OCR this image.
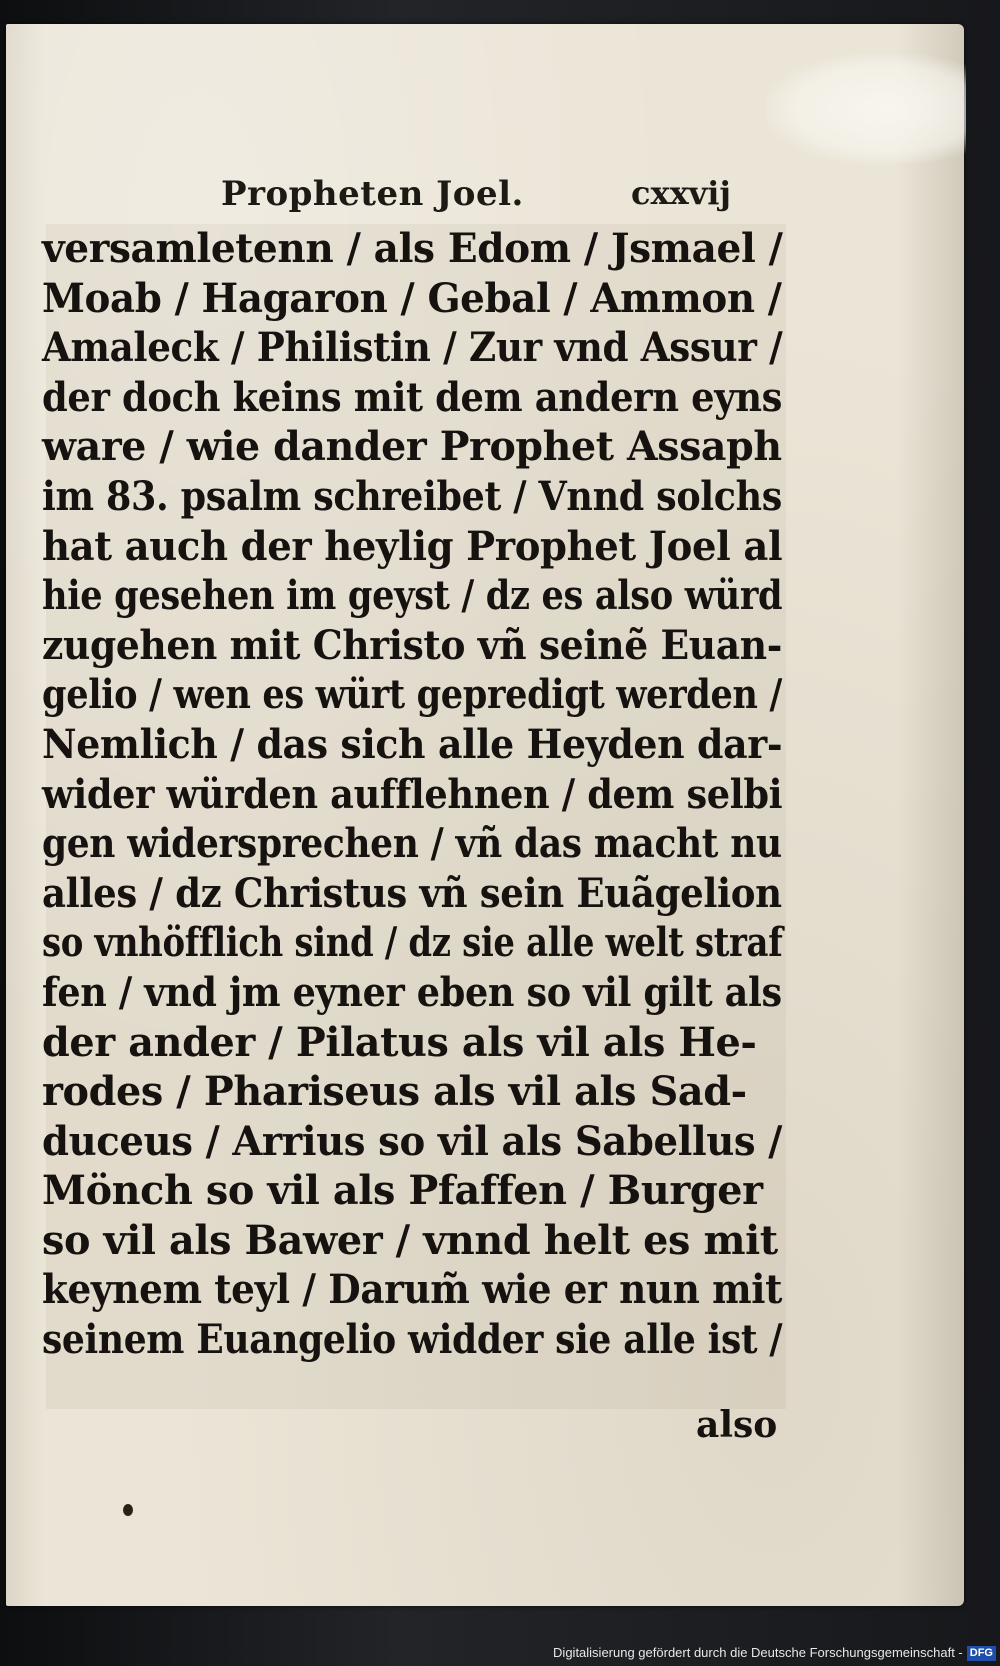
Propheten Joel.	cxxvij
versamletenn / als Edom / Jsmael /
Moab / Hagaron / Gebal / Ammon /
Amaleck / Philistin / Zur vnd Assur /
der doch keins mit dem andern eyns
ware / wie dander Prophet Assaph
im 83. psalm schreibet / Vnnd solchs
hat auch der heylig Prophet Joel al
hie gesehen im geyst / dz es also würd
zugehen mit Christo vñ seinẽ Euan-
gelio / wen es würt gepredigt werden /
Nemlich / das sich alle Heyden dar-
wider würden aufflehnen / dem selbi
gen widersprechen / vñ das macht nu
alles / dz Christus vñ sein Euãgelion
so vnhöfflich sind / dz sie alle welt straf
fen / vnd jm eyner eben so vil gilt als
der ander / Pilatus als vil als He-
rodes / Phariseus als vil als Sad-
duceus / Arrius so vil als Sabellus /
Mönch so vil als Pfaffen / Burger
so vil als Bawer / vnnd helt es mit
keynem teyl / Darum̃ wie er nun mit
seinem Euangelio widder sie alle ist /
also
Digitalisierung gefördert durch die Deutsche Forschungsgemeinschaft - DFG
